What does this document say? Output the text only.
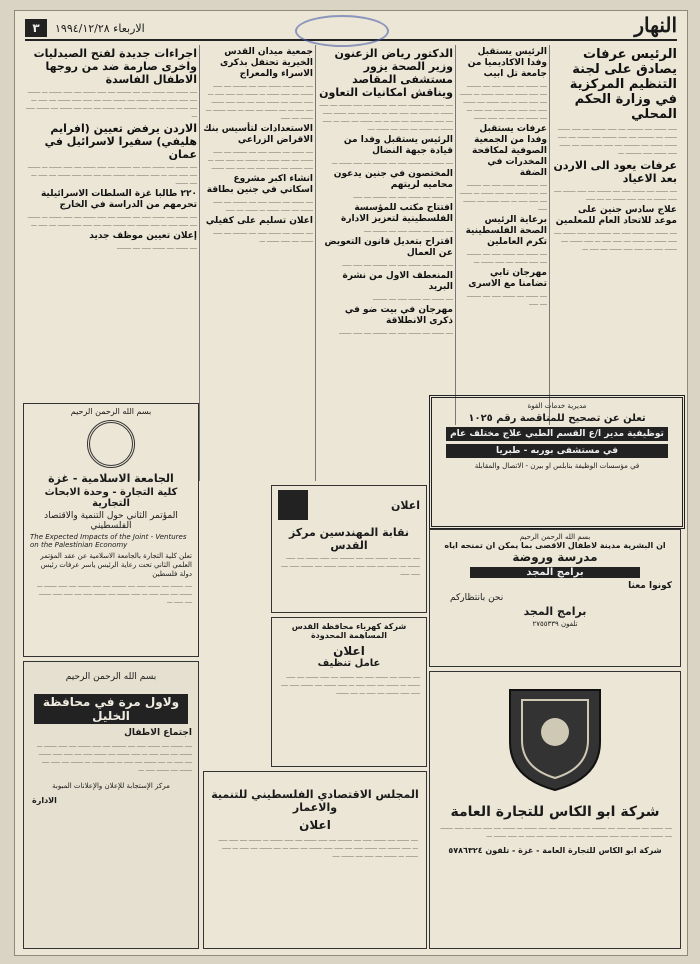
٣	الاربعاء ١٩٩٤/١٢/٢٨	النهار
الرئيس عرفات يصادق على لجنة التنظيم المركزية في وزارة الحكم المحلي
ـــــ ـــــــ ــــ ـــــــــ ــــ ـــــ ــــــــ ــــ ـــــ ـــــــ ـــــــ ــــ ـــــــــ ــــ ـــــ ــــــــ ـــــ ـــــــ ــــ ـــــ ـــــــ ـــــــ ــــ ـــــــــ ــــ ـــــ ــــ ـــــــ ــــ ــــــ ـــــ ـــــــ ـــــ ـــــــــ ـــ
عرفات يعود الى الاردن بعد الاعياد
ــــ ـــــــ ــــ ـــــــ ـــــ ــــ ــــــــ ــــ ـــــ ـــــــ ــــ ـــــ ـــــــ ـــ ــــ ـــــ ـــــــ ـــ ــــ ـــــ
علاج سادس جنين على موعد للاتحاد العام للمعلمين
ــــ ـــــــ ــــ ـــــــ ـــــ ــــ ــــــــ ــــ ـــــ ـــــــ ــــ ـــــ ـــــــ ـــ ـــــــ ــــ ـــــ ـــــ ـــ ـــــ ـــــــ ــــ ـــــــ ـــــ ــــ ـــــ ـــــ ـــــــ ــــ ـــــ ـــ
الرئيس يستقبل وفدا الاكاديميا من جامعة تل ابيب
ــــ ـــــــ ــــ ـــــــ ـــــ ــــ ــــــــ ــــ ـــــ ـــــــ ــــ ـــــ ـــــــ ـــ ـــــــ ــــ ـــــ ـــــ ـــ ـــــ ـــــــ ــــ ـــــــ ـــــ ــــ ـــــ ـــــ ـــــــ ــــ ـــــ ـــ ــــ ـــــــ ــــ ـــــ ـــ ـــــ ـــــــ
عرفات يستقبل وفدا من الجمعية الصوفية لمكافحة المخدرات في الضفة
ــــ ـــــــ ــــ ـــــــ ـــــ ــــ ــــــــ ــــ ـــــ ـــــــ ــــ ـــــ ـــــــ ـــ ـــــــ ــــ ـــــ ـــــ ـــ ـــــ ـــــــ ــــ ـــــــ ـــــ
برعاية الرئيس الصحة الفلسطينية تكرم العاملين
ــــ ـــــــ ــــ ـــــــ ـــــ ــــ ــــــــ ــــ ـــــ ـــــــ ــــ ـــــ ـــــــ ـــ
مهرجان تابي تضامنا مع الاسرى
ــــ ـــــــ ــــ ـــــــ ـــــ ــــ ــــــــ ــــ ـــــ
الدكتور رياض الزعنون وزير الصحة يزور مستشفى المقاصد ويناقش امكانيات التعاون
ــــ ـــــــ ــــ ـــــــ ـــــ ــــ ــــــــ ــــ ـــــ ـــــــ ــــ ـــــ ـــــــ ـــ ـــــــ ــــ ـــــ ـــــ ـــ ـــــ ـــــــ ــــ ـــــــ ـــــ ــــ ـــــ ـــــ ـــــــ ــــ ـــــ ـــ ــــ ـــــــ ــــ ـــــ ـــ ـــــ ـــــــ ـــ ـــــــ ــــ ـــــ ــــ ـــــــ ــــ
الرئيس يستقبل وفدا من قيادة جبهة النضال
ــــ ـــــــ ــــ ـــــــ ـــــ ــــ ــــــــ ــــ ـــــ ـــــــ ـــ
المختصون في جنين يدعون محاميه لريتهم
ــــ ـــــــ ــــ ـــــــ ـــــ ــــ ــــــــ ــــ ـــــ
افتتاح مكتب للمؤسسة الفلسطينية لتعزيز الادارة
ــــ ـــــــ ــــ ـــــــ ـــــ ــــ ــــــــ ــــ
اقتراح بتعديل قانون التعويض عن العمال
ــــ ـــــــ ــــ ـــــــ ـــــ ــــ ــــــــ ــــ ـــــ ـــــ
المنعطف الاول من نشرة البريد
ــــ ـــــــ ــــ ـــــــ ـــــ ــــ ــــــــ
مهرجان في بيت ضو في ذكرى الانطلاقة
ــــ ـــــــ ــــ ـــــــ ـــــ ــــ ــــــــ ــــ ـــــ ـــــــ
جمعية ميدان القدس الخيرية تحتفل بذكرى الاسراء والمعراج
ــــ ـــــــ ــــ ـــــــ ـــــ ــــ ــــــــ ــــ ـــــ ـــــــ ــــ ـــــ ـــــــ ـــ ـــــــ ــــ ـــــ ـــــ ـــ ـــــ ـــــــ ــــ ـــــــ ـــــ ــــ ـــــ ـــــ ـــــــ ــــ ـــــ ـــ ــــ ـــــــ ــــ ـــــ ـــ ـــــ ـــــــ ـــ ـــــــ ــــ ـــــ
الاستعدادات لتأسيس بنك الاقراض الزراعي
ــــ ـــــــ ــــ ـــــــ ـــــ ــــ ــــــــ ــــ ـــــ ـــــــ ــــ ـــــ ـــــــ ـــ ـــــــ ــــ ـــــ ـــــ ـــ ـــــ ـــــــ ــــ ـــــــ ـــــ ــــ ـــــ ـــــ ـــــــ
انشاء اكبر مشروع اسكاني في جنين بطاقة
ــــ ـــــــ ــــ ـــــــ ـــــ ــــ ــــــــ ــــ ـــــ ـــــــ ــــ ـــــ ـــــــ ـــ ـــــــ ــــ ـــــ
اعلان تسليم على كفيلي
ــــ ـــــــ ــــ ـــــــ ـــــ ــــ ــــــــ ــــ ـــــ ـــــــ ــــ ـــــ ـــــــ ـــ
اجراءات جديدة لفتح الصيدليات واخرى صارمة ضد من روجها الاطفال الفاسدة
ــــ ـــــــ ــــ ـــــــ ـــــ ــــ ــــــــ ــــ ـــــ ـــــــ ــــ ـــــ ـــــــ ـــ ـــــــ ــــ ـــــ ـــــ ـــ ـــــ ـــــــ ــــ ـــــــ ـــــ ــــ ـــــ ـــــ ـــــــ ــــ ـــــ ـــ ــــ ـــــــ ــــ ـــــ ـــ ـــــ ـــــــ ـــ ـــــــ ــــ ـــــ ــــ ـــــــ ــــ ـــــــ ـــــ ـــ
الاردن يرفض تعيين (افرايم هليفي) سفيرا لاسرائيل في عمان
ــــ ـــــــ ــــ ـــــــ ـــــ ــــ ــــــــ ــــ ـــــ ـــــــ ــــ ـــــ ـــــــ ـــ ـــــــ ــــ ـــــ ـــــ ـــ ـــــ ـــــــ ــــ ـــــــ ـــــ ــــ ـــــ ـــــ ـــــــ ــــ ـــــ ـــ ــــ ـــــــ
٢٢٠ طالبا غزة السلطات الاسرائيلية تحرمهم من الدراسة في الخارج
ــــ ـــــــ ــــ ـــــــ ـــــ ــــ ــــــــ ــــ ـــــ ـــــــ ــــ ـــــ ـــــــ ـــ ـــــــ ــــ ـــــ ـــــ ـــ ـــــ ـــــــ ــــ ـــــــ ـــــ ــــ ـــــ ـــــ ـــــــ ــــ ـــــ ـــ
إعلان تعيين موظف جديد
ــــ ـــــــ ــــ ـــــــ ـــــ ــــ ــــــــ
بسم الله الرحمن الرحيم
الجامعة الاسلامية - غزة
كلية التجارة - وحدة الابحاث التجارية
المؤتمر الثاني حول التنمية والاقتصاد الفلسطيني
The Expected Impacts of the Joint - Ventures on the Palestinian Economy
تعلن كلية التجارة بالجامعة الاسلامية عن عقد المؤتمر العلمي الثاني تحت رعاية الرئيس ياسر عرفات رئيس دولة فلسطين
ــــ ـــــــ ــــ ـــــــ ـــــ ــــ ــــــــ ــــ ـــــ ـــــــ ــــ ـــــ ـــــــ ـــ ـــــــ ــــ ـــــ ـــــ ـــ ـــــ ـــــــ ــــ ـــــــ ـــــ ــــ ـــــ ـــــ ـــــــ ــــ ـــــ ـــ
بسم الله الرحمن الرحيم
ولاول مرة في محافظة الخليل
اجتماع الاطفال
ــــ ـــــــ ــــ ـــــــ ـــــ ــــ ــــــــ ــــ ـــــ ـــــــ ــــ ـــــ ـــــــ ـــ ـــــــ ــــ ـــــ ـــــ ـــ ـــــ ـــــــ ــــ ـــــــ ـــــ ــــ ـــــ ـــــ ـــــــ ــــ ـــــ ـــ ــــ ـــــــ ــــ ـــــ ـــ ـــــ ـــــــ ـــ ـــــــ ــــ ـــــ ــــ ـــــــ ــــ ـــــــ ـــــ ـــ
مركز الإستجابة للإعلان والإعلانات المبوبة
الادارة
اعلان
نقابة المهندسين مركز القدس
ــــ ـــــــ ــــ ـــــــ ـــــ ــــ ــــــــ ــــ ـــــ ـــــــ ــــ ـــــ ـــــــ ـــ ـــــــ ــــ ـــــ ـــــ ـــ ـــــ ـــــــ ــــ ـــــــ ـــــ ــــ ـــــ ـــــ
شركة كهرباء محافظة القدس المساهمة المحدودة
اعلان
عامل تنظيف
ــــ ـــــــ ــــ ـــــــ ـــــ ــــ ــــــــ ــــ ـــــ ـــــــ ــــ ـــــ ـــــــ ـــ ـــــــ ــــ ـــــ ـــــ ـــ ـــــ ـــــــ ــــ ـــــــ ـــــ ــــ ـــــ ـــــ ـــــــ ــــ ـــــ ـــ ــــ ـــــــ
المجلس الاقتصادي الفلسطيني للتنمية والاعمار
اعلان
ــــ ـــــــ ــــ ـــــــ ـــــ ــــ ــــــــ ــــ ـــــ ـــــــ ــــ ـــــ ـــــــ ـــ ـــــــ ــــ ـــــ ـــــ ـــ ـــــ ـــــــ ــــ ـــــــ ـــــ ــــ ـــــ ـــــ ـــــــ ــــ ـــــ ـــ ــــ ـــــــ ــــ ـــــ ـــ ـــــ ـــــــ ـــ ـــــــ ــــ ـــــ ــــ ـــــــ ــــ
مديرية خدمات القوة
تعلن عن تصحيح للمناقصة رقم ١٠٢٥
توظيفية مدير ا/ع القسم الطبي علاج مختلف عام
في مستشفى بوربه - طبريا
في مؤسسات الوظيفة بنابلس او بيرن - الاتصال والمقابلة
بسم الله الرحمن الرحيم
ان البشرية مدينة لاطفال الاقصى بما يمكن ان تمنحه اياه
مدرسة وروضة
برامج المجد
كونوا معنا
نحن بانتظاركم
برامج المجد
تلفون ٢٧٥٥٣٣٩
شركة ابو الكاس للتجارة العامة
ــــ ـــــــ ــــ ـــــــ ـــــ ــــ ــــــــ ــــ ـــــ ـــــــ ــــ ـــــ ـــــــ ـــ ـــــــ ــــ ـــــ ـــــ ـــ ـــــ ـــــــ ــــ ـــــــ ـــــ ــــ ـــــ ـــــ ـــــــ ــــ ـــــ ـــ ــــ ـــــــ ــــ ـــــ ـــ ـــــ ـــــــ ـــ
شركة ابو الكاس للتجارة العامة - غزة - تلفون ٥٧٨٦٣٢٤
